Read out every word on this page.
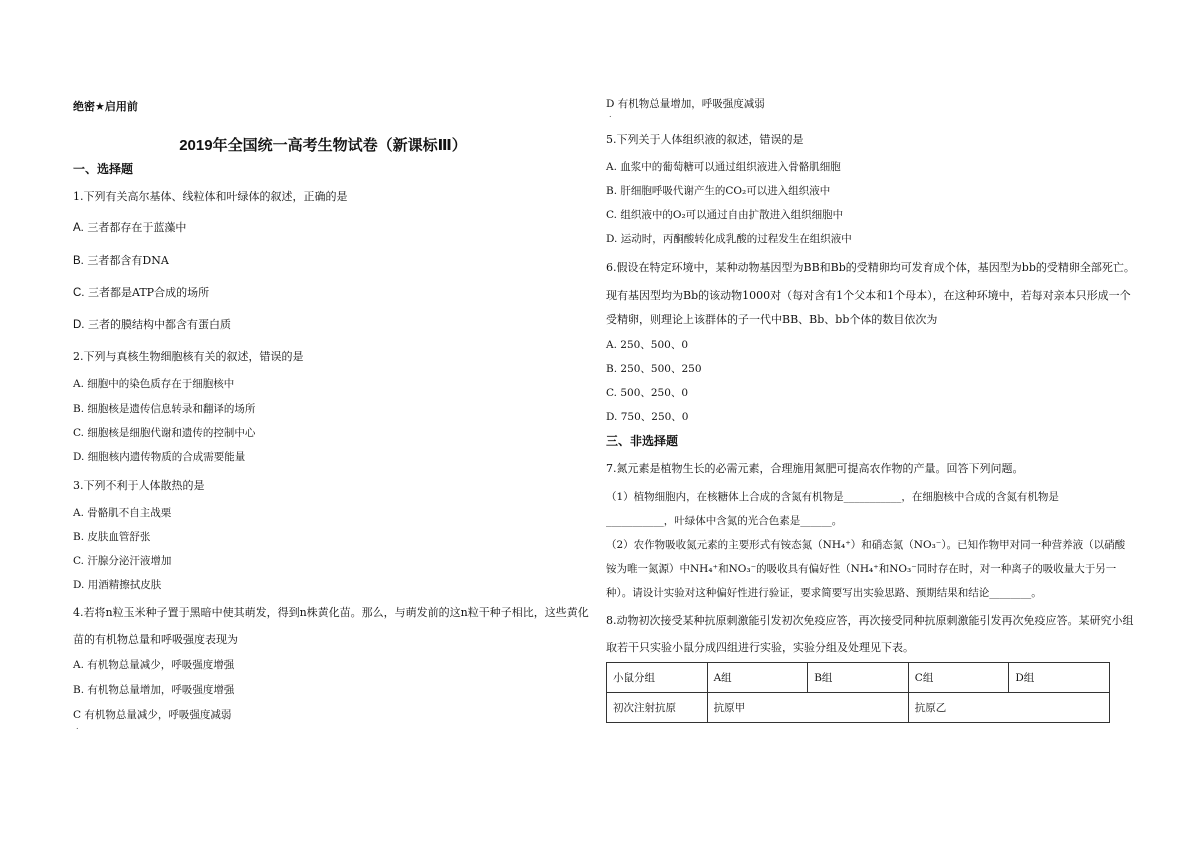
绝密★启用前
2019年全国统一高考生物试卷（新课标Ⅲ）
一、选择题
1.下列有关高尔基体、线粒体和叶绿体的叙述，正确的是
A. 三者都存在于蓝藻中
B. 三者都含有DNA
C. 三者都是ATP合成的场所
D. 三者的膜结构中都含有蛋白质
2.下列与真核生物细胞核有关的叙述，错误的是
A. 细胞中的染色质存在于细胞核中
B. 细胞核是遗传信息转录和翻译的场所
C. 细胞核是细胞代谢和遗传的控制中心
D. 细胞核内遗传物质的合成需要能量
3.下列不利于人体散热的是
A. 骨骼肌不自主战栗
B. 皮肤血管舒张
C. 汗腺分泌汗液增加
D. 用酒精擦拭皮肤
4.若将n粒玉米种子置于黑暗中使其萌发，得到n株黄化苗。那么，与萌发前的这n粒干种子相比，这些黄化
苗的有机物总量和呼吸强度表现为
A. 有机物总量减少，呼吸强度增强
B. 有机物总量增加，呼吸强度增强
C 有机物总量减少，呼吸强度减弱
.
D 有机物总量增加，呼吸强度减弱
.
5.下列关于人体组织液的叙述，错误的是
A. 血浆中的葡萄糖可以通过组织液进入骨骼肌细胞
B. 肝细胞呼吸代谢产生的CO₂可以进入组织液中
C. 组织液中的O₂可以通过自由扩散进入组织细胞中
D. 运动时，丙酮酸转化成乳酸的过程发生在组织液中
6.假设在特定环境中，某种动物基因型为BB和Bb的受精卵均可发育成个体，基因型为bb的受精卵全部死亡。
现有基因型均为Bb的该动物1000对（每对含有1个父本和1个母本），在这种环境中，若每对亲本只形成一个
受精卵，则理论上该群体的子一代中BB、Bb、bb个体的数目依次为
A. 250、500、0
B. 250、500、250
C. 500、250、0
D. 750、250、0
三、非选择题
7.氮元素是植物生长的必需元素，合理施用氮肥可提高农作物的产量。回答下列问题。
（1）植物细胞内，在核糖体上合成的含氮有机物是___________，在细胞核中合成的含氮有机物是
___________，叶绿体中含氮的光合色素是______。
（2）农作物吸收氮元素的主要形式有铵态氮（NH₄⁺）和硝态氮（NO₃⁻）。已知作物甲对同一种营养液（以硝酸
铵为唯一氮源）中NH₄⁺和NO₃⁻的吸收具有偏好性（NH₄⁺和NO₃⁻同时存在时，对一种离子的吸收量大于另一
种）。请设计实验对这种偏好性进行验证，要求简要写出实验思路、预期结果和结论________。
8.动物初次接受某种抗原刺激能引发初次免疫应答，再次接受同种抗原刺激能引发再次免疫应答。某研究小组
取若干只实验小鼠分成四组进行实验，实验分组及处理见下表。
小鼠分组	A组	B组	C组	D组
初次注射抗原	抗原甲		抗原乙	
